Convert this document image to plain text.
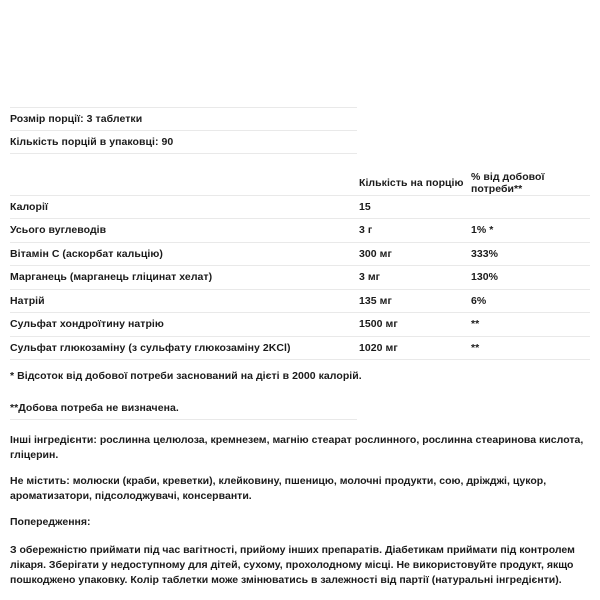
Розмір порції: 3 таблетки
Кількість порцій в упаковці: 90
Кількість на порцію % від добової потреби**
Калорії	15
Усього вуглеводів	3 г	1% *
Вітамін C (аскорбат кальцію)	300 мг	333%
Марганець (марганець гліцинат хелат)	3 мг	130%
Натрій	135 мг	6%
Сульфат хондроїтину натрію	1500 мг	**
Сульфат глюкозаміну (з сульфату глюкозаміну 2KCl)	1020 мг	**
* Відсоток від добової потреби заснований на дієті в 2000 калорій.
**Добова потреба не визначена.

Інші інгредієнти: рослинна целюлоза, кремнезем, магнію стеарат рослинного, рослинна стеаринова кислота, гліцерин.

Не містить: молюски (краби, креветки), клейковину, пшеницю, молочні продукти, сою, дріжджі, цукор, ароматизатори, підсолоджувачі, консерванти.

Попередження:

З обережністю приймати під час вагітності, прийому інших препаратів. Діабетикам приймати під контролем лікаря. Зберігати у недоступному для дітей, сухому, прохолодному місці. Не використовуйте продукт, якщо пошкоджено упаковку. Колір таблетки може змінюватись в залежності від партії (натуральні інгредієнти).
